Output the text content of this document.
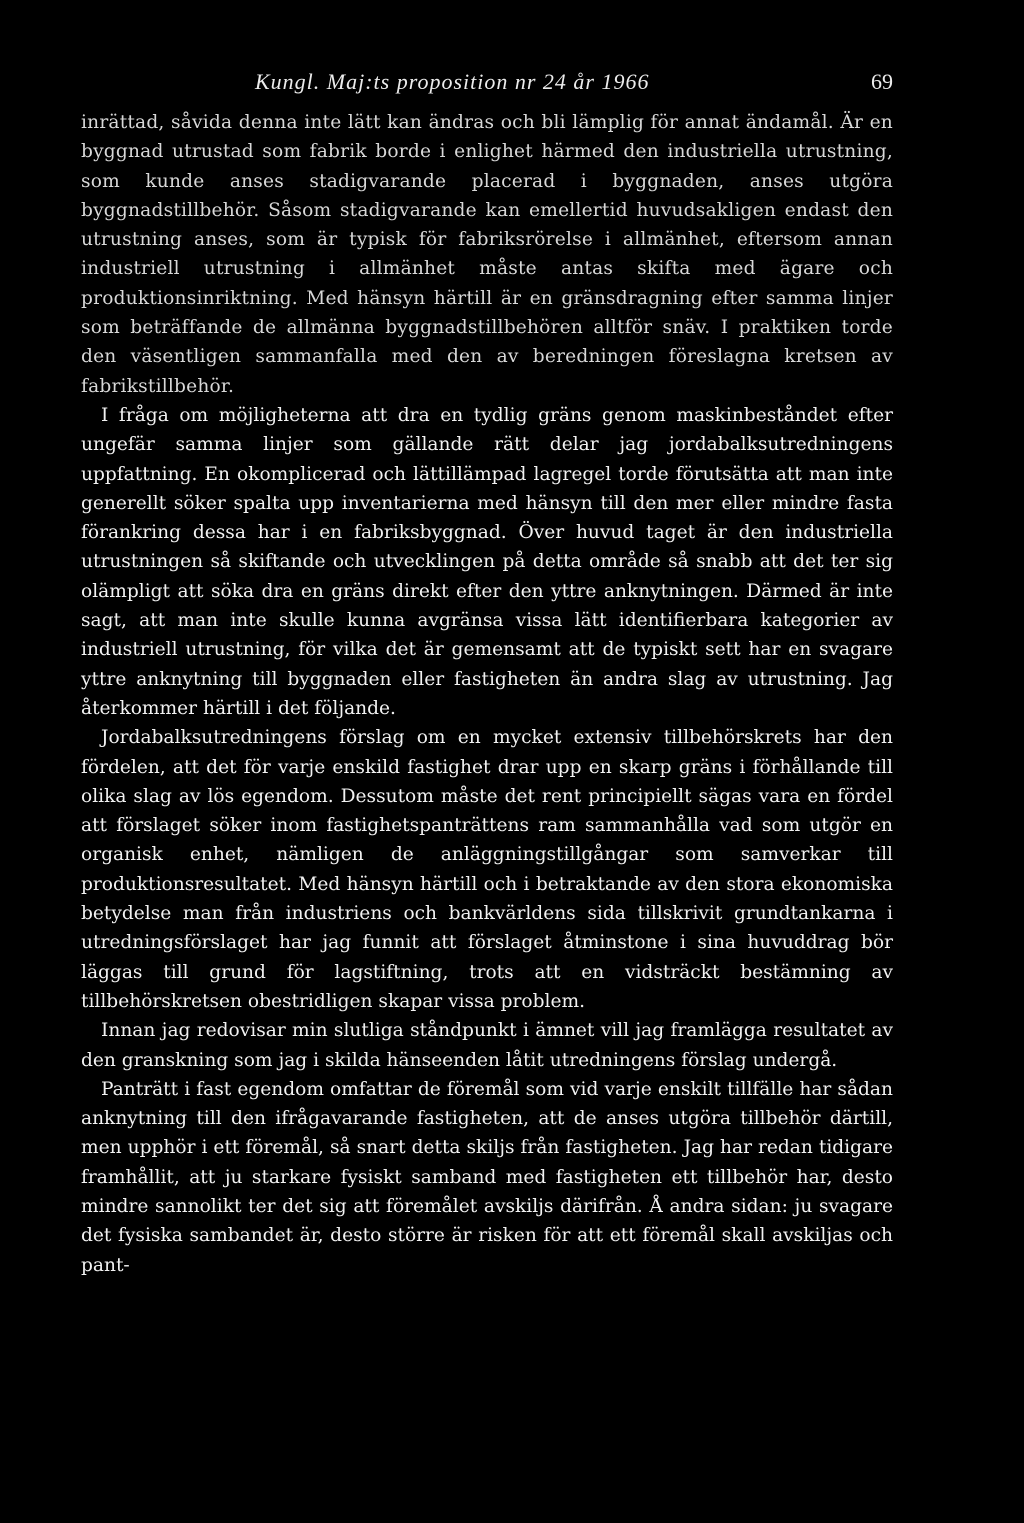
Kungl. Maj:ts proposition nr 24 år 1966	69

inrättad, såvida denna inte lätt kan ändras och bli lämplig för annat ändamål. Är en byggnad utrustad som fabrik borde i enlighet härmed den industriella utrustning, som kunde anses stadigvarande placerad i byggnaden, anses utgöra byggnadstillbehör. Såsom stadigvarande kan emellertid huvudsakligen endast den utrustning anses, som är typisk för fabriksrörelse i allmänhet, eftersom annan industriell utrustning i allmänhet måste antas skifta med ägare och produktionsinriktning. Med hänsyn härtill är en gränsdragning efter samma linjer som beträffande de allmänna byggnadstillbehören alltför snäv. I praktiken torde den väsentligen sammanfalla med den av beredningen föreslagna kretsen av fabrikstillbehör.

I fråga om möjligheterna att dra en tydlig gräns genom maskinbeståndet efter ungefär samma linjer som gällande rätt delar jag jordabalksutredningens uppfattning. En okomplicerad och lättillämpad lagregel torde förutsätta att man inte generellt söker spalta upp inventarierna med hänsyn till den mer eller mindre fasta förankring dessa har i en fabriksbyggnad. Över huvud taget är den industriella utrustningen så skiftande och utvecklingen på detta område så snabb att det ter sig olämpligt att söka dra en gräns direkt efter den yttre anknytningen. Därmed är inte sagt, att man inte skulle kunna avgränsa vissa lätt identifierbara kategorier av industriell utrustning, för vilka det är gemensamt att de typiskt sett har en svagare yttre anknytning till byggnaden eller fastigheten än andra slag av utrustning. Jag återkommer härtill i det följande.

Jordabalksutredningens förslag om en mycket extensiv tillbehörskrets har den fördelen, att det för varje enskild fastighet drar upp en skarp gräns i förhållande till olika slag av lös egendom. Dessutom måste det rent principiellt sägas vara en fördel att förslaget söker inom fastighetspanträttens ram sammanhålla vad som utgör en organisk enhet, nämligen de anläggningstillgångar som samverkar till produktionsresultatet. Med hänsyn härtill och i betraktande av den stora ekonomiska betydelse man från industriens och bankvärldens sida tillskrivit grundtankarna i utredningsförslaget har jag funnit att förslaget åtminstone i sina huvuddrag bör läggas till grund för lagstiftning, trots att en vidsträckt bestämning av tillbehörskretsen obestridligen skapar vissa problem.

Innan jag redovisar min slutliga ståndpunkt i ämnet vill jag framlägga resultatet av den granskning som jag i skilda hänseenden låtit utredningens förslag undergå.

Panträtt i fast egendom omfattar de föremål som vid varje enskilt tillfälle har sådan anknytning till den ifrågavarande fastigheten, att de anses utgöra tillbehör därtill, men upphör i ett föremål, så snart detta skiljs från fastigheten. Jag har redan tidigare framhållit, att ju starkare fysiskt samband med fastigheten ett tillbehör har, desto mindre sannolikt ter det sig att föremålet avskiljs därifrån. Å andra sidan: ju svagare det fysiska sambandet är, desto större är risken för att ett föremål skall avskiljas och pant-
